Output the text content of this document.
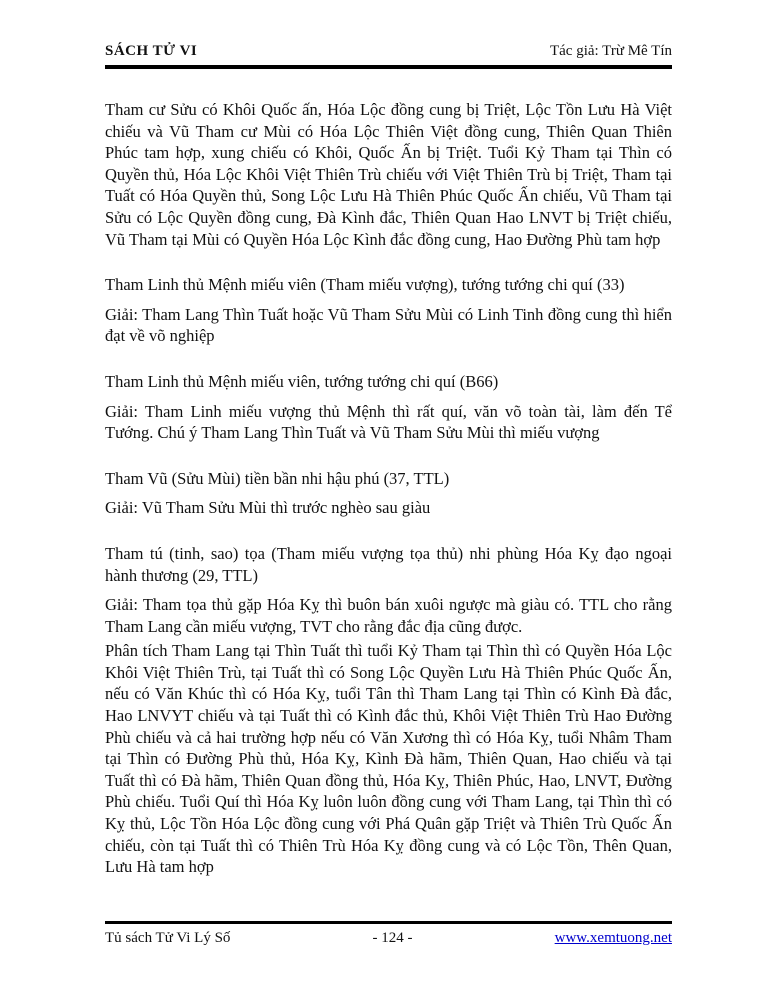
SÁCH TỬ VI	Tác giả: Trừ Mê Tín

Tham cư Sửu có Khôi Quốc ấn, Hóa Lộc đồng cung bị Triệt, Lộc Tồn Lưu Hà Việt chiếu và Vũ Tham cư Mùi có Hóa Lộc Thiên Việt đồng cung, Thiên Quan Thiên Phúc tam hợp, xung chiếu có Khôi, Quốc Ấn bị Triệt. Tuổi Kỷ Tham tại Thìn có Quyền thủ, Hóa Lộc Khôi Việt Thiên Trù chiếu với Việt Thiên Trù bị Triệt, Tham tại Tuất có Hóa Quyền thủ, Song Lộc Lưu Hà Thiên Phúc Quốc Ấn chiếu, Vũ Tham tại Sửu có Lộc Quyền đồng cung, Đà Kình đắc, Thiên Quan Hao LNVT bị Triệt chiếu, Vũ Tham tại Mùi có Quyền Hóa Lộc Kình đắc đồng cung, Hao Đường Phù tam hợp

Tham Linh thủ Mệnh miếu viên (Tham miếu vượng), tướng tướng chi quí (33)

Giải: Tham Lang Thìn Tuất hoặc Vũ Tham Sửu Mùi có Linh Tinh đồng cung thì hiển đạt về võ nghiệp

Tham Linh thủ Mệnh miếu viên, tướng tướng chi quí (B66)

Giải: Tham Linh miếu vượng thủ Mệnh thì rất quí, văn võ toàn tài, làm đến Tể Tướng. Chú ý Tham Lang Thìn Tuất và Vũ Tham Sửu Mùi thì miếu vượng

Tham Vũ (Sửu Mùi) tiền bần nhi hậu phú (37, TTL)

Giải: Vũ Tham Sửu Mùi thì trước nghèo sau giàu

Tham tú (tinh, sao) tọa (Tham miếu vượng tọa thủ) nhi phùng Hóa Kỵ đạo ngoại hành thương (29, TTL)

Giải: Tham tọa thủ gặp Hóa Kỵ thì buôn bán xuôi ngược mà giàu có. TTL cho rằng Tham Lang cần miếu vượng, TVT cho rằng đắc địa cũng được.

Phân tích Tham Lang tại Thìn Tuất thì tuổi Kỷ Tham tại Thìn thì có Quyền Hóa Lộc Khôi Việt Thiên Trù, tại Tuất thì có Song Lộc Quyền Lưu Hà Thiên Phúc Quốc Ấn, nếu có Văn Khúc thì có Hóa Kỵ, tuổi Tân thì Tham Lang tại Thìn có Kình Đà đắc, Hao LNVYT chiếu và tại Tuất thì có Kình đắc thủ, Khôi Việt Thiên Trù Hao Đường Phù chiếu và cả hai trường hợp nếu có Văn Xương thì có Hóa Kỵ, tuổi Nhâm Tham tại Thìn có Đường Phù thủ, Hóa Kỵ, Kình Đà hãm, Thiên Quan, Hao chiếu và tại Tuất thì có Đà hãm, Thiên Quan đồng thủ, Hóa Kỵ, Thiên Phúc, Hao, LNVT, Đường Phù chiếu. Tuổi Quí thì Hóa Kỵ luôn luôn đồng cung với Tham Lang, tại Thìn thì có Kỵ thủ, Lộc Tồn Hóa Lộc đồng cung với Phá Quân gặp Triệt và Thiên Trù Quốc Ấn chiếu, còn tại Tuất thì có Thiên Trù Hóa Kỵ đồng cung và có Lộc Tồn, Thên Quan, Lưu Hà tam hợp

Tủ sách Tử Vi Lý Số	- 124 -	www.xemtuong.net
